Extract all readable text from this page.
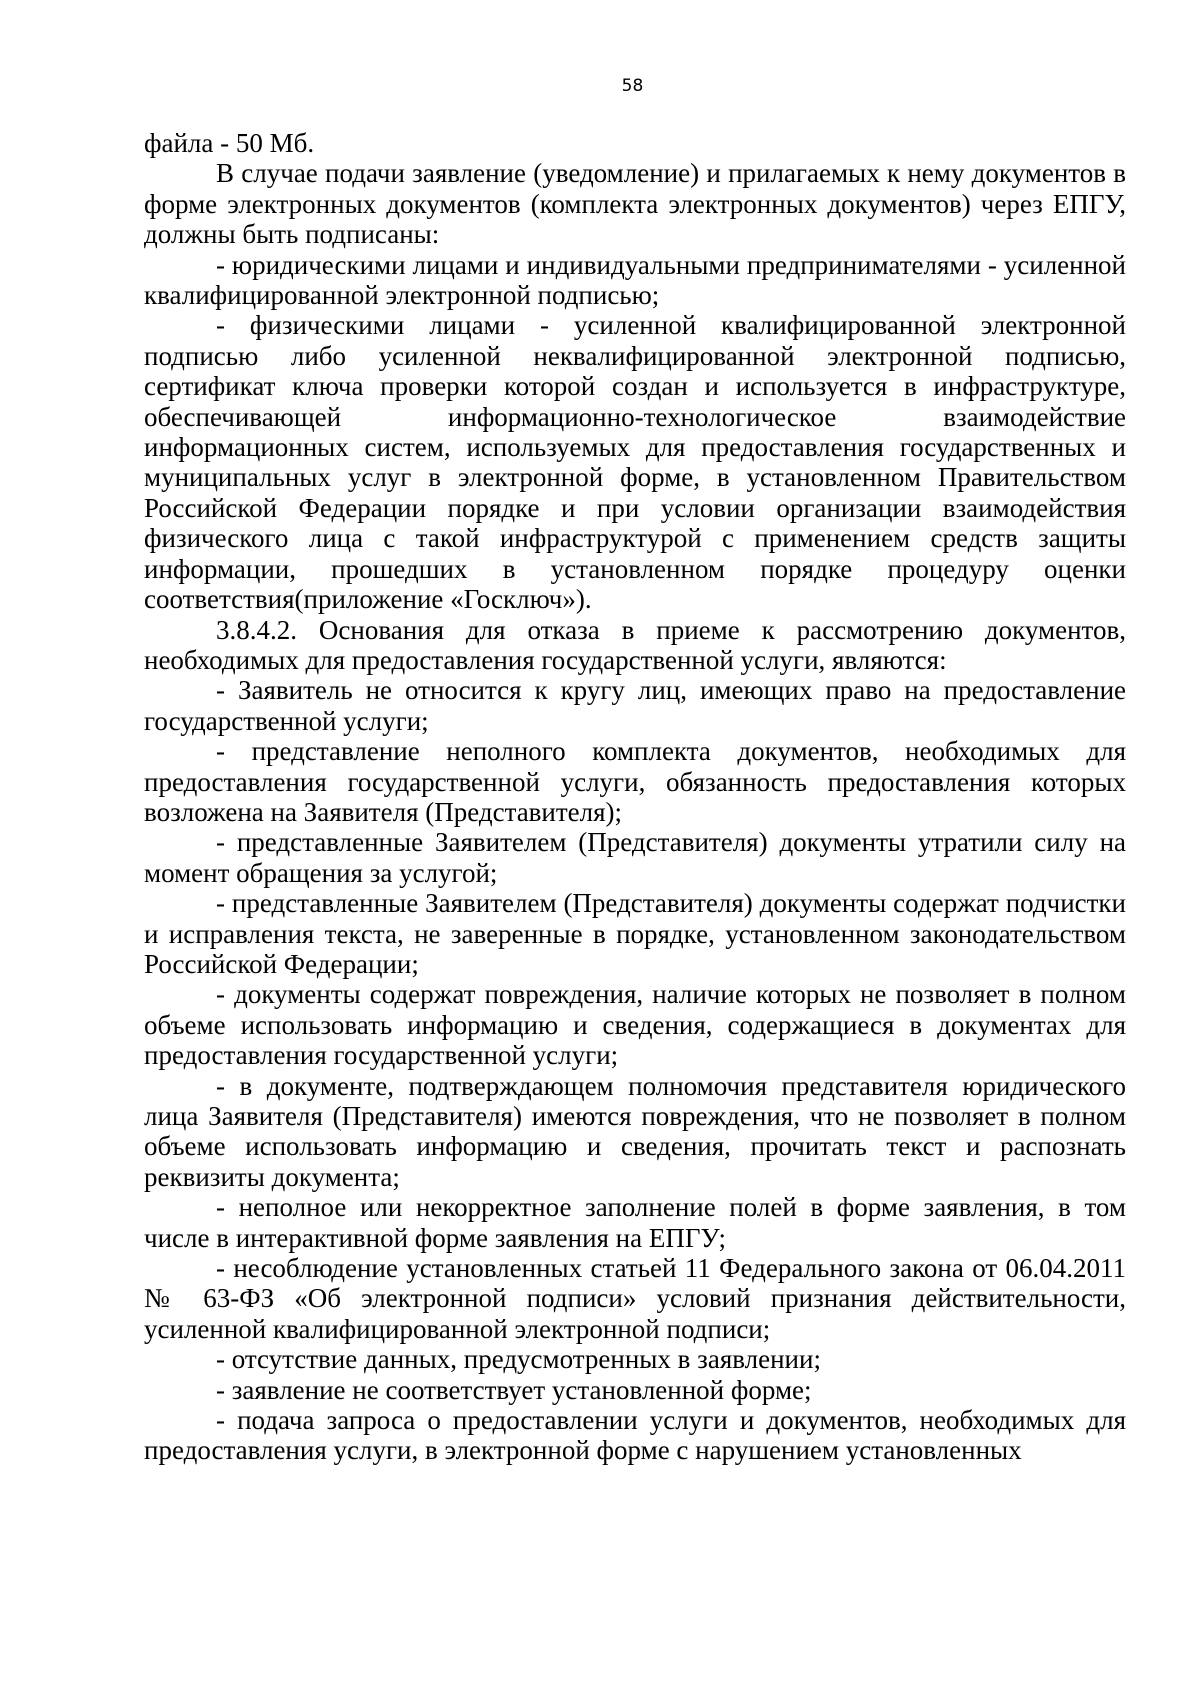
58

файла - 50 Мб.

В случае подачи заявление (уведомление) и прилагаемых к нему документов в форме электронных документов (комплекта электронных документов) через ЕПГУ, должны быть подписаны:

- юридическими лицами и индивидуальными предпринимателями - усиленной квалифицированной электронной подписью;

- физическими лицами - усиленной квалифицированной электронной подписью либо усиленной неквалифицированной электронной подписью, сертификат ключа проверки которой создан и используется в инфраструктуре, обеспечивающей информационно-технологическое взаимодействие информационных систем, используемых для предоставления государственных и муниципальных услуг в электронной форме, в установленном Правительством Российской Федерации порядке и при условии организации взаимодействия физического лица с такой инфраструктурой с применением средств защиты информации, прошедших в установленном порядке процедуру оценки соответствия(приложение «Госключ»).

3.8.4.2. Основания для отказа в приеме к рассмотрению документов, необходимых для предоставления государственной услуги, являются:

- Заявитель не относится к кругу лиц, имеющих право на предоставление государственной услуги;

- представление неполного комплекта документов, необходимых для предоставления государственной услуги, обязанность предоставления которых возложена на Заявителя (Представителя);

- представленные Заявителем (Представителя) документы утратили силу на момент обращения за услугой;

- представленные Заявителем (Представителя) документы содержат подчистки и исправления текста, не заверенные в порядке, установленном законодательством Российской Федерации;

- документы содержат повреждения, наличие которых не позволяет в полном объеме использовать информацию и сведения, содержащиеся в документах для предоставления государственной услуги;

- в документе, подтверждающем полномочия представителя юридического лица Заявителя (Представителя) имеются повреждения, что не позволяет в полном объеме использовать информацию и сведения, прочитать текст и распознать реквизиты документа;

- неполное или некорректное заполнение полей в форме заявления, в том числе в интерактивной форме заявления на ЕПГУ;

- несоблюдение установленных статьей 11 Федерального закона от 06.04.2011 № 63-ФЗ «Об электронной подписи» условий признания действительности, усиленной квалифицированной электронной подписи;

- отсутствие данных, предусмотренных в заявлении;

- заявление не соответствует установленной форме;

- подача запроса о предоставлении услуги и документов, необходимых для предоставления услуги, в электронной форме с нарушением установленных
